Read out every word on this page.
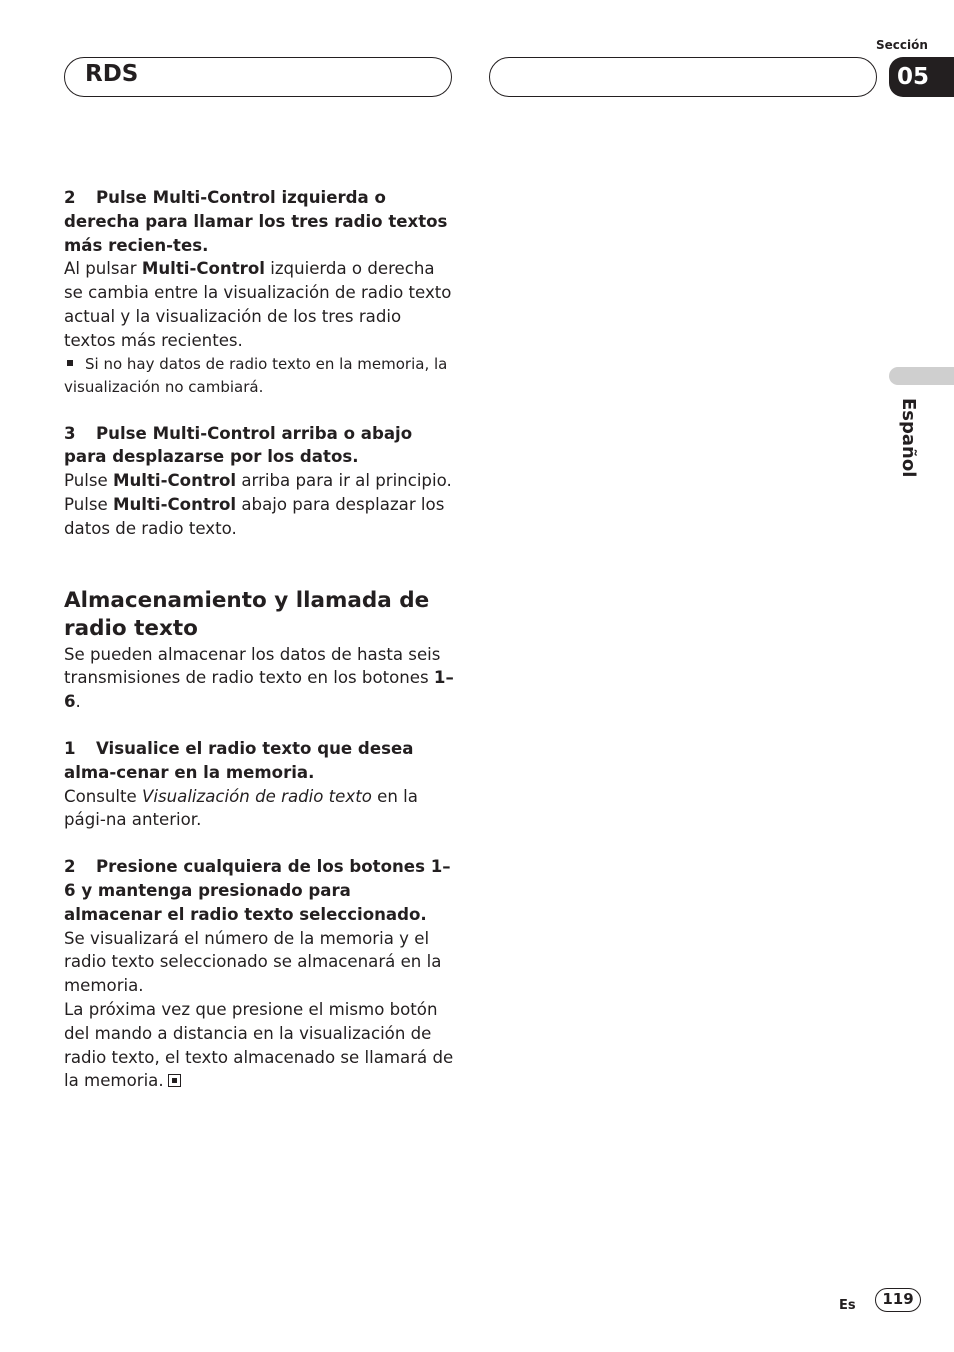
RDS
Sección
05
Español

2 Pulse Multi-Control izquierda o derecha para llamar los tres radio textos más recien-tes.

Al pulsar Multi-Control izquierda o derecha se cambia entre la visualización de radio texto actual y la visualización de los tres radio textos más recientes.

Si no hay datos de radio texto en la memoria, la visualización no cambiará.

3 Pulse Multi-Control arriba o abajo para desplazarse por los datos.

Pulse Multi-Control arriba para ir al principio.

Pulse Multi-Control abajo para desplazar los datos de radio texto.

Almacenamiento y llamada de radio texto

Se pueden almacenar los datos de hasta seis transmisiones de radio texto en los botones 1–6.

1 Visualice el radio texto que desea alma-cenar en la memoria.

Consulte Visualización de radio texto en la pági-na anterior.

2 Presione cualquiera de los botones 1–6 y mantenga presionado para almacenar el radio texto seleccionado.

Se visualizará el número de la memoria y el radio texto seleccionado se almacenará en la memoria.

La próxima vez que presione el mismo botón del mando a distancia en la visualización de radio texto, el texto almacenado se llamará de la memoria.

Es	119
